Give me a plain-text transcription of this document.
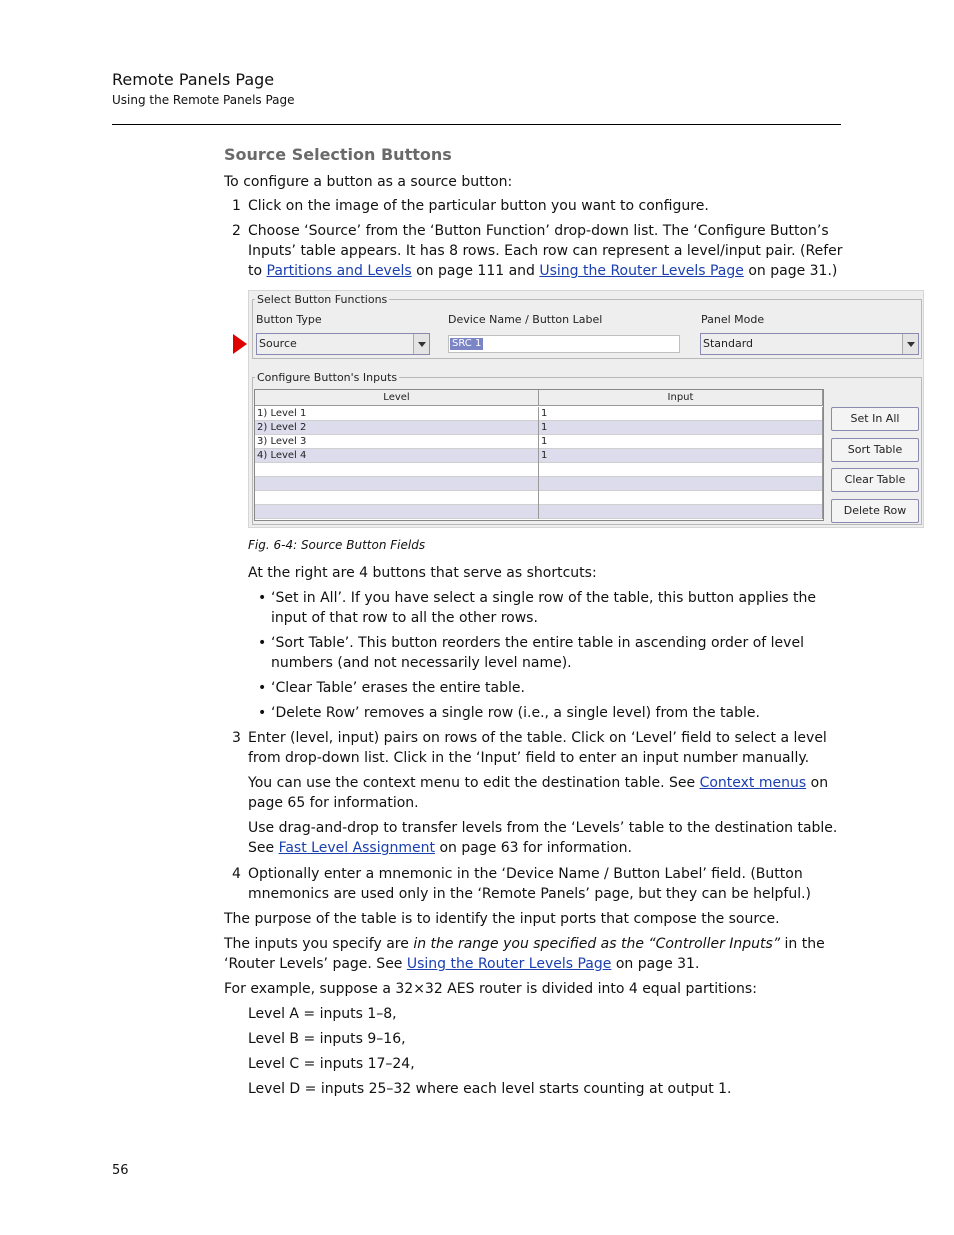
Remote Panels Page
Using the Remote Panels Page
Source Selection Buttons
To configure a button as a source button:
1 Click on the image of the particular button you want to configure.
2 Choose ‘Source’ from the ‘Button Function’ drop-down list. The ‘Configure Button’s Inputs’ table appears. It has 8 rows. Each row can represent a level/input pair. (Refer to Partitions and Levels on page 111 and Using the Router Levels Page on page 31.)
Select Button Functions
Button Type
Source
Device Name / Button Label
SRC 1
Panel Mode
Standard
Configure Button's Inputs
Level	Input
1) Level 1	1
2) Level 2	1
3) Level 3	1
4) Level 4	1
Set In All
Sort Table
Clear Table
Delete Row
Fig. 6-4: Source Button Fields
At the right are 4 buttons that serve as shortcuts:
• ‘Set in All’. If you have select a single row of the table, this button applies the input of that row to all the other rows.
• ‘Sort Table’. This button reorders the entire table in ascending order of level numbers (and not necessarily level name).
• ‘Clear Table’ erases the entire table.
• ‘Delete Row’ removes a single row (i.e., a single level) from the table.
3 Enter (level, input) pairs on rows of the table. Click on ‘Level’ field to select a level from drop-down list. Click in the ‘Input’ field to enter an input number manually.
You can use the context menu to edit the destination table. See Context menus on page 65 for information.
Use drag-and-drop to transfer levels from the ‘Levels’ table to the destination table. See Fast Level Assignment on page 63 for information.
4 Optionally enter a mnemonic in the ‘Device Name / Button Label’ field. (Button mnemonics are used only in the ‘Remote Panels’ page, but they can be helpful.)
The purpose of the table is to identify the input ports that compose the source.
The inputs you specify are in the range you specified as the “Controller Inputs” in the ‘Router Levels’ page. See Using the Router Levels Page on page 31.
For example, suppose a 32×32 AES router is divided into 4 equal partitions:
Level A = inputs 1–8,
Level B = inputs 9–16,
Level C = inputs 17–24,
Level D = inputs 25–32 where each level starts counting at output 1.
56
